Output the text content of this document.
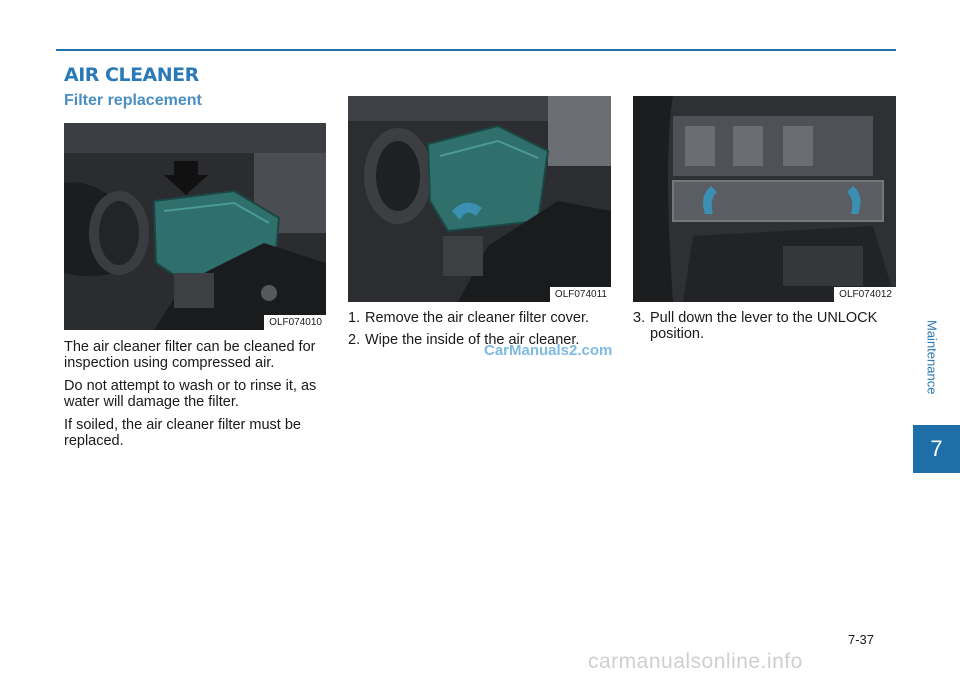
AIR CLEANER
Filter replacement
OLF074010
OLF074011	OLF074012

The air cleaner filter can be cleaned for inspection using compressed air.

Do not attempt to wash or to rinse it, as water will damage the filter.

If soiled, the air cleaner filter must be replaced.

1. Remove the air cleaner filter cover.
2. Wipe the inside of the air cleaner.
3. Pull down the lever to the UNLOCK position.
CarManuals2.com	Maintenance
7
7-37
carmanualsonline.info
